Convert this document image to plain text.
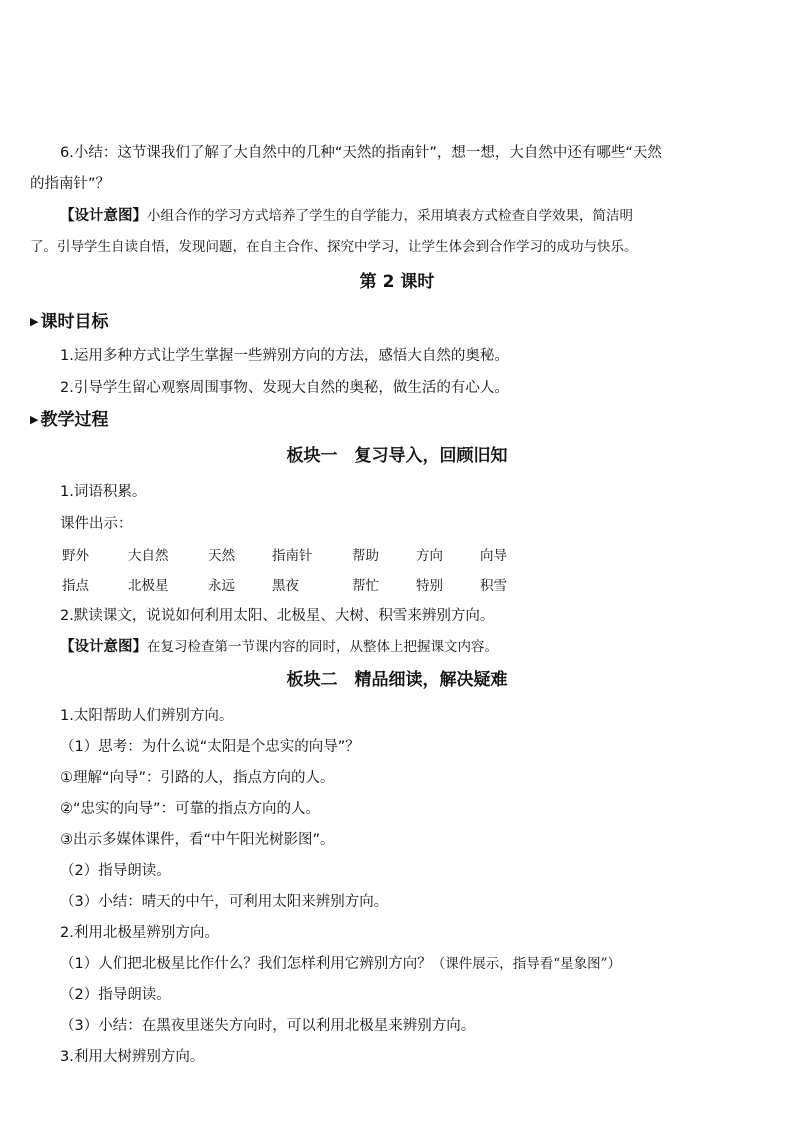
6.小结：这节课我们了解了大自然中的几种“天然的指南针”，想一想，大自然中还有哪些“天然
的指南针”？
【设计意图】小组合作的学习方式培养了学生的自学能力，采用填表方式检查自学效果，简洁明
了。引导学生自读自悟，发现问题，在自主合作、探究中学习，让学生体会到合作学习的成功与快乐。
第 2 课时
▶ 课时目标
1.运用多种方式让学生掌握一些辨别方向的方法，感悟大自然的奥秘。
2.引导学生留心观察周围事物、发现大自然的奥秘，做生活的有心人。
▶ 教学过程
板块一　复习导入，回顾旧知
1.词语积累。
课件出示：
野外	大自然	天然	指南针	帮助	方向	向导
指点	北极星	永远	黑夜	帮忙	特别	积雪
2.默读课文，说说如何利用太阳、北极星、大树、积雪来辨别方向。
【设计意图】在复习检查第一节课内容的同时，从整体上把握课文内容。
板块二　精品细读，解决疑难
1.太阳帮助人们辨别方向。
（1）思考：为什么说“太阳是个忠实的向导”？
①理解“向导”：引路的人，指点方向的人。
②“忠实的向导”：可靠的指点方向的人。
③出示多媒体课件，看“中午阳光树影图”。
（2）指导朗读。
（3）小结：晴天的中午，可利用太阳来辨别方向。
2.利用北极星辨别方向。
（1）人们把北极星比作什么？我们怎样利用它辨别方向？（课件展示，指导看“星象图”）
（2）指导朗读。
（3）小结：在黑夜里迷失方向时，可以利用北极星来辨别方向。
3.利用大树辨别方向。
